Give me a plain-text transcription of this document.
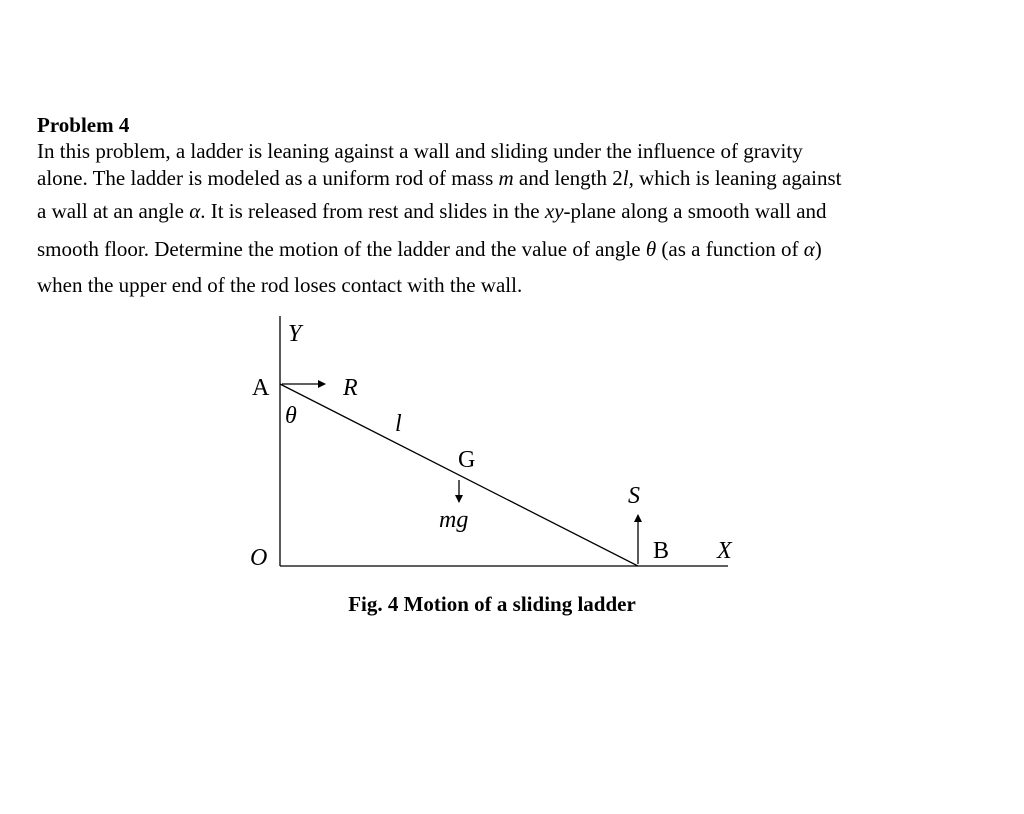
Problem 4

In this problem, a ladder is leaning against a wall and sliding under the influence of gravity
alone. The ladder is modeled as a uniform rod of mass m and length 2l, which is leaning against
a wall at an angle α. It is released from rest and slides in the xy-plane along a smooth wall and
smooth floor. Determine the motion of the ladder and the value of angle θ (as a function of α)
when the upper end of the rod loses contact with the wall.

Y
A	R
θ	l
G
S
mg
O	B X
Fig. 4 Motion of a sliding ladder
